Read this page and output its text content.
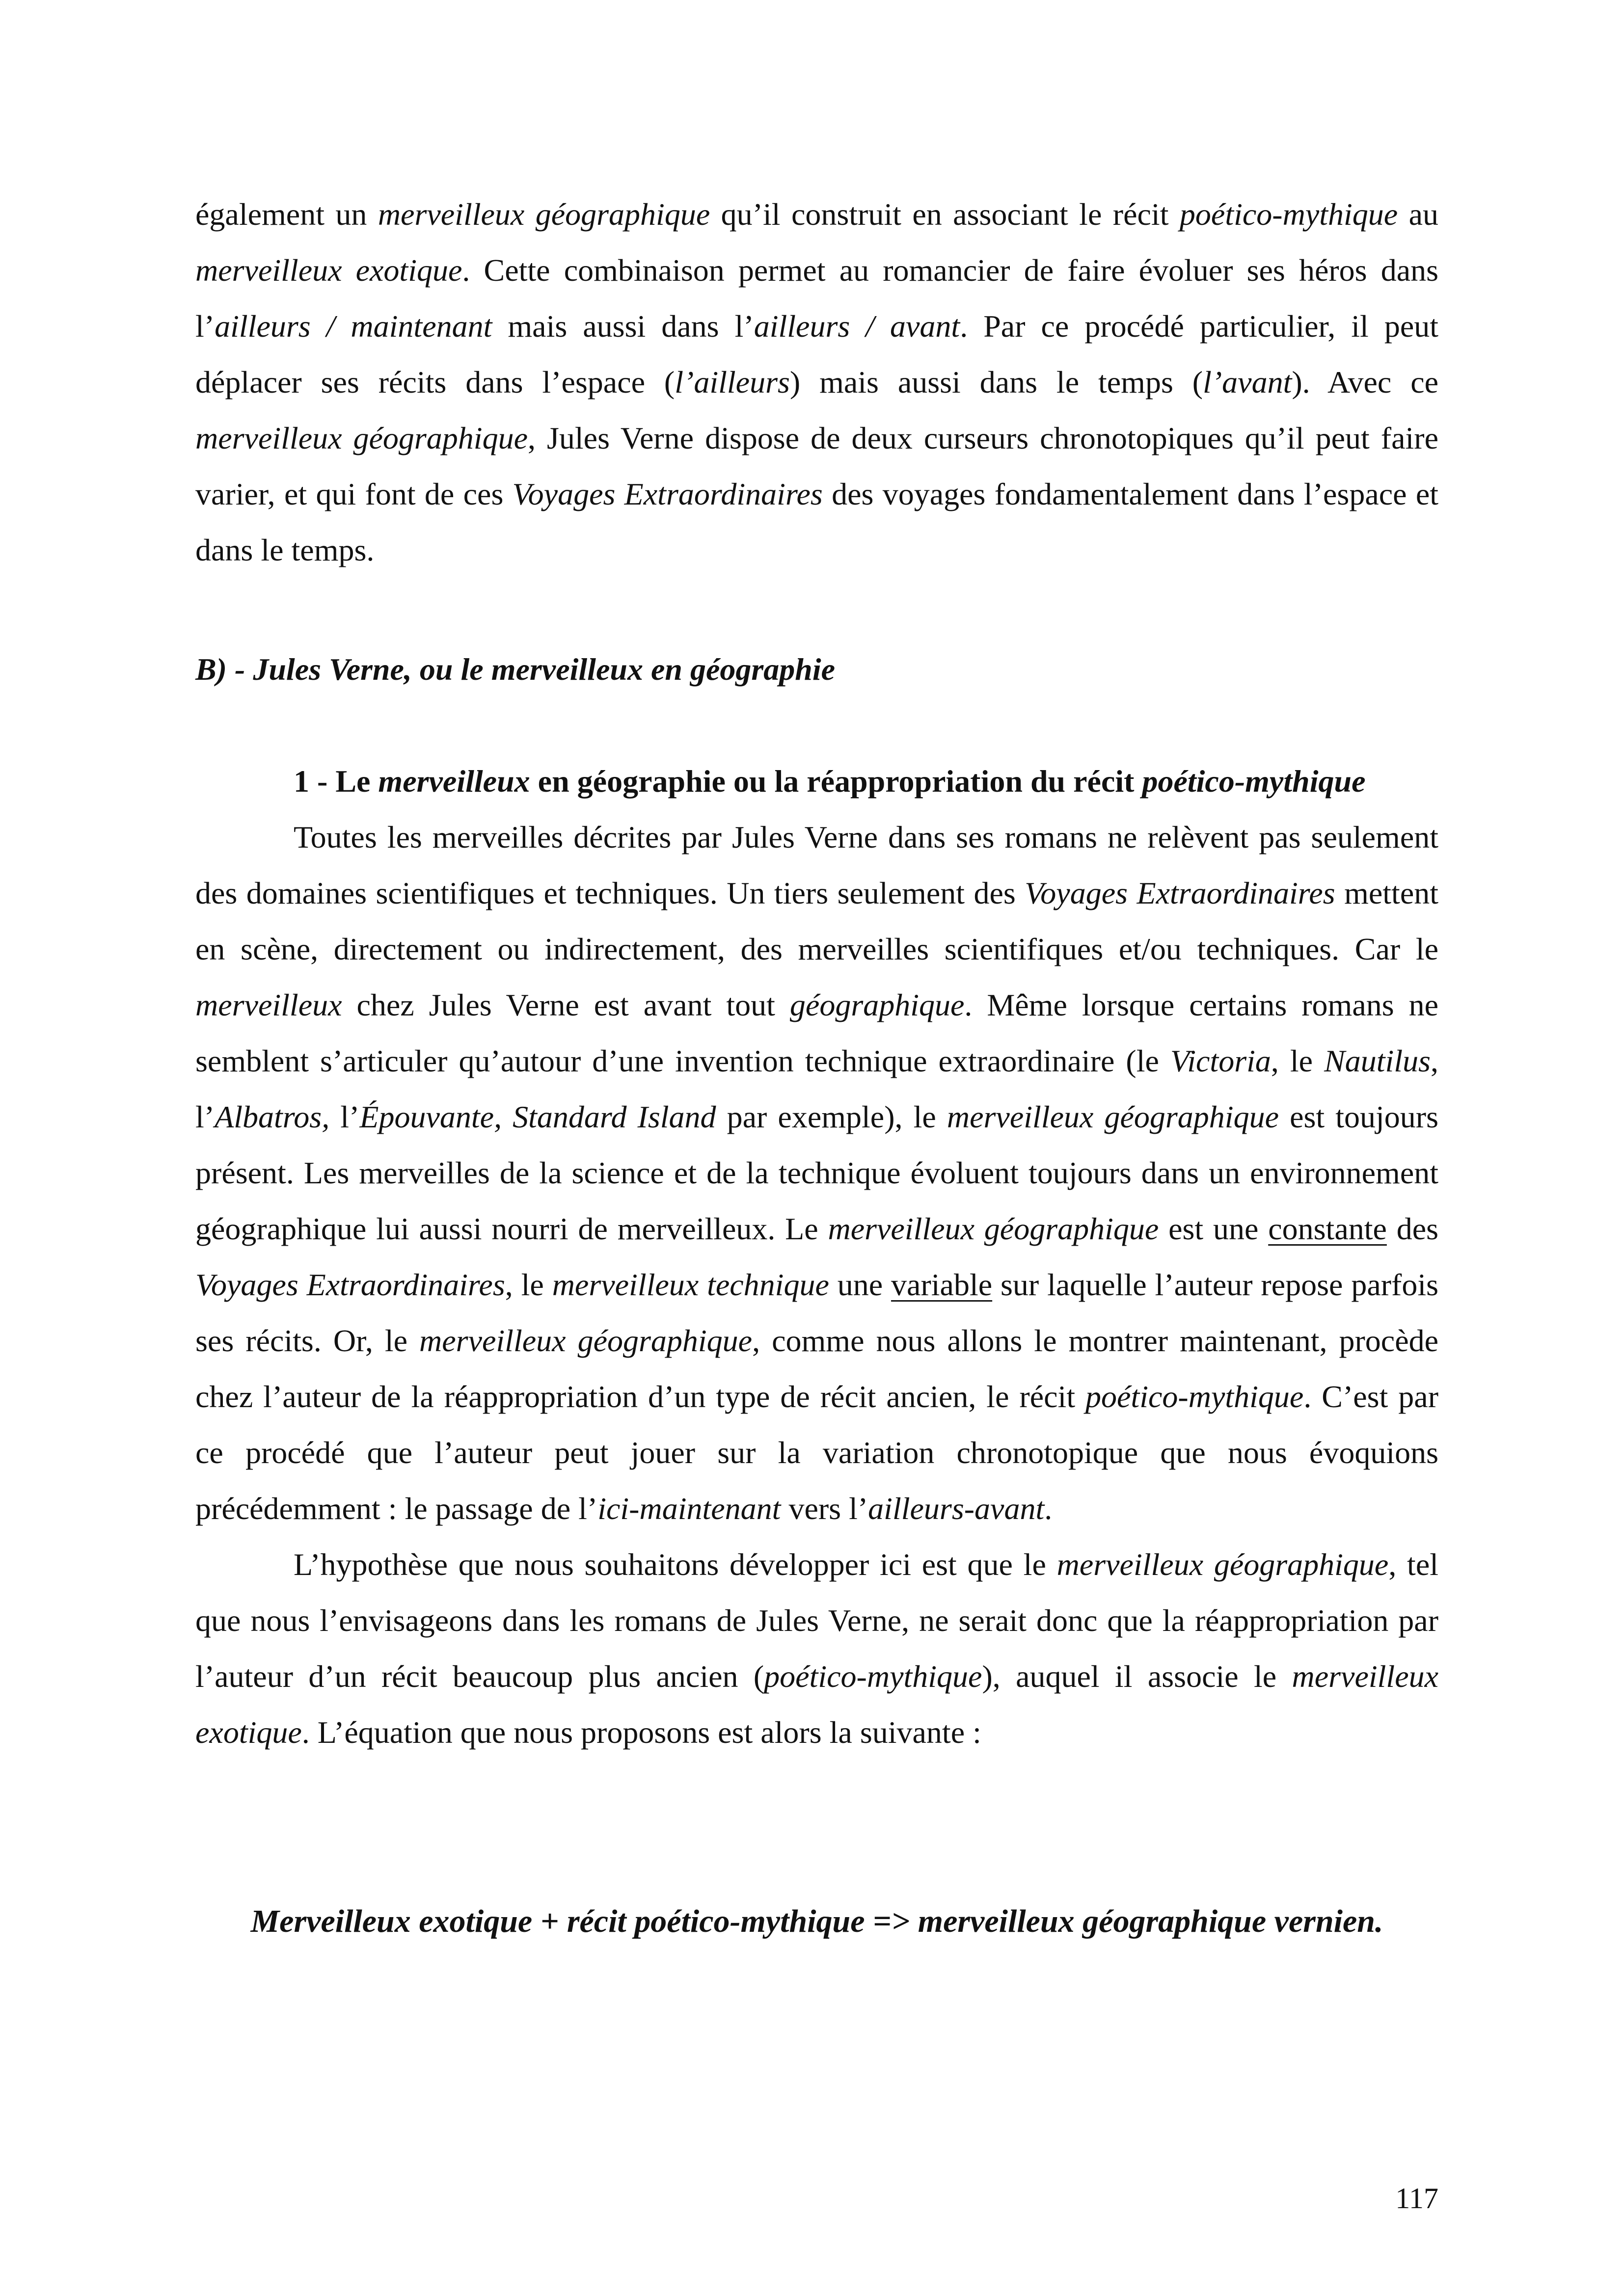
également un merveilleux géographique qu’il construit en associant le récit poético-mythique au merveilleux exotique. Cette combinaison permet au romancier de faire évoluer ses héros dans l’ailleurs / maintenant mais aussi dans l’ailleurs / avant. Par ce procédé particulier, il peut déplacer ses récits dans l’espace (l’ailleurs) mais aussi dans le temps (l’avant). Avec ce merveilleux géographique, Jules Verne dispose de deux curseurs chronotopiques qu’il peut faire varier, et qui font de ces Voyages Extraordinaires des voyages fondamentalement dans l’espace et dans le temps.

B) - Jules Verne, ou le merveilleux en géographie

1 - Le merveilleux en géographie ou la réappropriation du récit poético-mythique

Toutes les merveilles décrites par Jules Verne dans ses romans ne relèvent pas seulement des domaines scientifiques et techniques. Un tiers seulement des Voyages Extraordinaires mettent en scène, directement ou indirectement, des merveilles scientifiques et/ou techniques. Car le merveilleux chez Jules Verne est avant tout géographique. Même lorsque certains romans ne semblent s’articuler qu’autour d’une invention technique extraordinaire (le Victoria, le Nautilus, l’Albatros, l’Épouvante, Standard Island par exemple), le merveilleux géographique est toujours présent. Les merveilles de la science et de la technique évoluent toujours dans un environnement géographique lui aussi nourri de merveilleux. Le merveilleux géographique est une constante des Voyages Extraordinaires, le merveilleux technique une variable sur laquelle l’auteur repose parfois ses récits. Or, le merveilleux géographique, comme nous allons le montrer maintenant, procède chez l’auteur de la réappropriation d’un type de récit ancien, le récit poético-mythique. C’est par ce procédé que l’auteur peut jouer sur la variation chronotopique que nous évoquions précédemment : le passage de l’ici-maintenant vers l’ailleurs-avant.

L’hypothèse que nous souhaitons développer ici est que le merveilleux géographique, tel que nous l’envisageons dans les romans de Jules Verne, ne serait donc que la réappropriation par l’auteur d’un récit beaucoup plus ancien (poético-mythique), auquel il associe le merveilleux exotique. L’équation que nous proposons est alors la suivante :

Merveilleux exotique + récit poético-mythique => merveilleux géographique vernien.

117
